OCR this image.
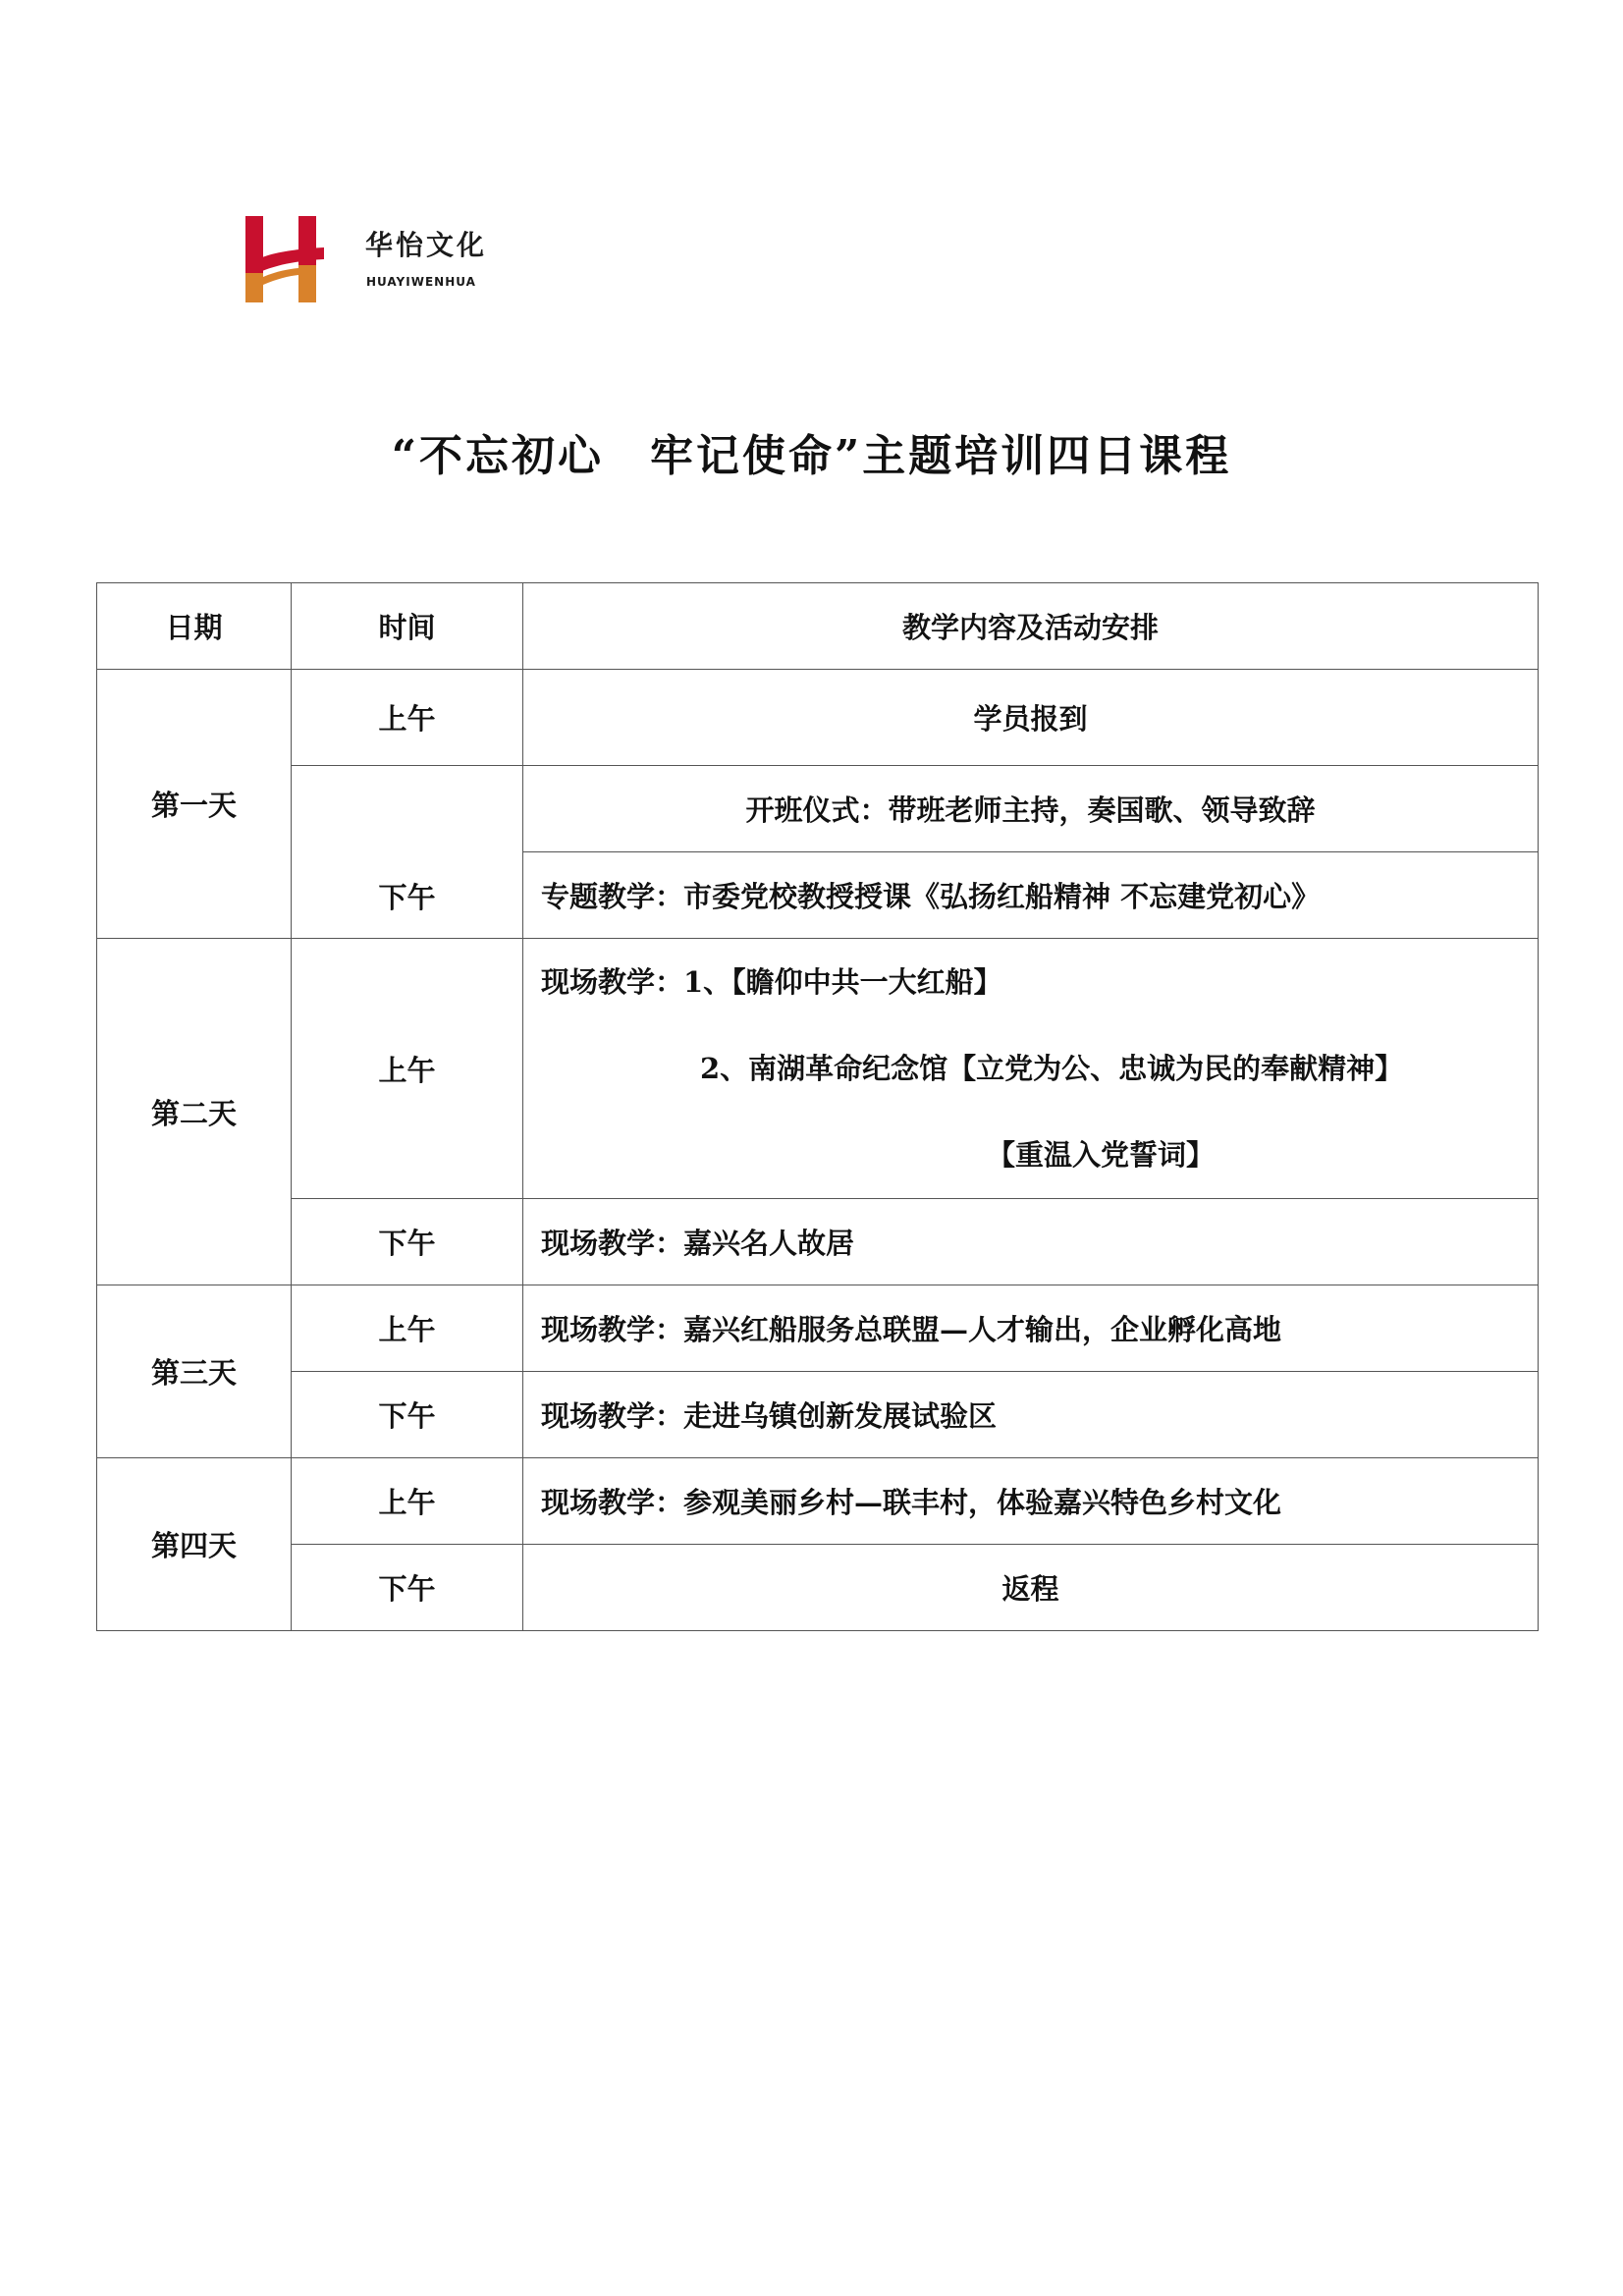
华怡文化
HUAYIWENHUA
“不忘初心　牢记使命”主题培训四日课程
日期	时间	教学内容及活动安排
第一天	上午	学员报到
	下午	开班仪式：带班老师主持，奏国歌、领导致辞
		专题教学：市委党校教授授课《弘扬红船精神 不忘建党初心》
第二天	上午	现场教学：1、【瞻仰中共一大红船】
2、南湖革命纪念馆【立党为公、忠诚为民的奉献精神】
【重温入党誓词】

	下午	现场教学：嘉兴名人故居
第三天	上午	现场教学：嘉兴红船服务总联盟—人才输出，企业孵化高地
	下午	现场教学：走进乌镇创新发展试验区
第四天	上午	现场教学：参观美丽乡村—联丰村，体验嘉兴特色乡村文化
	下午	返程
